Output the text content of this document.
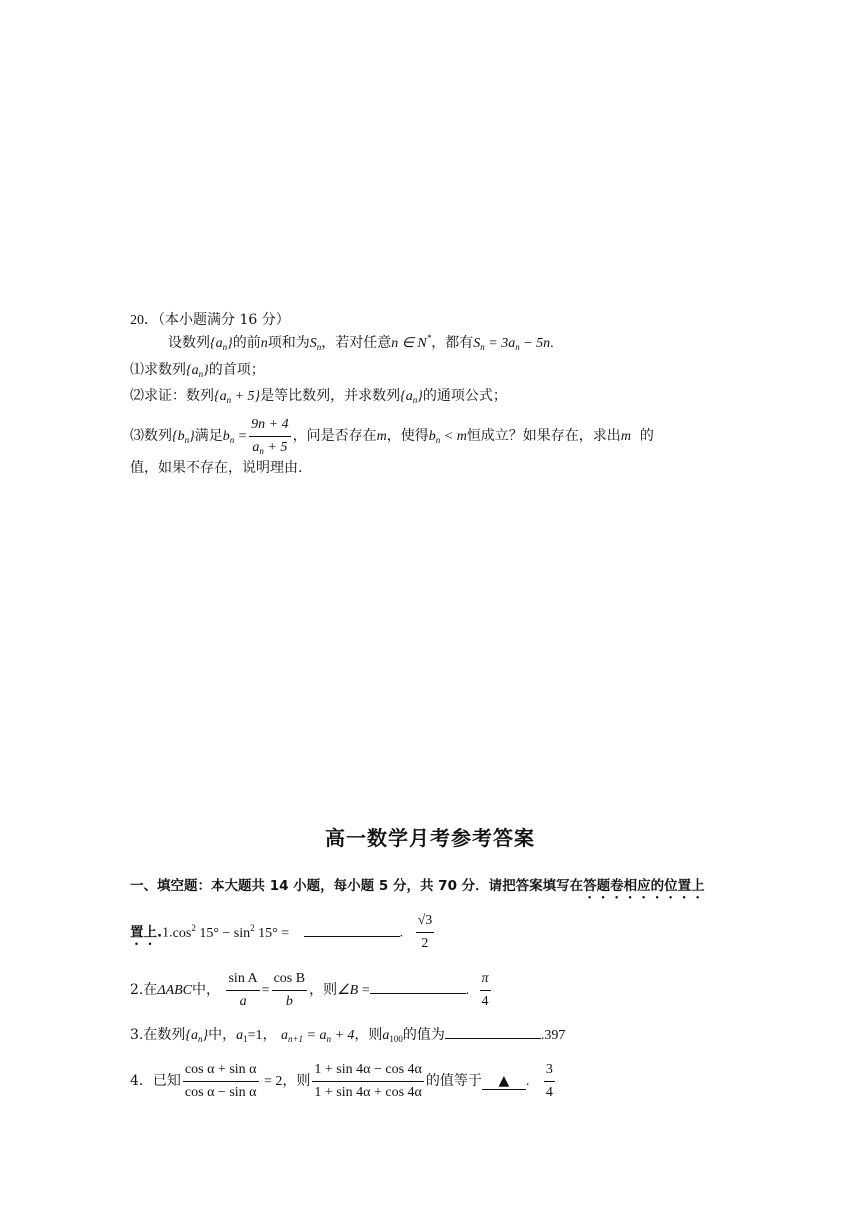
20．（本小题满分 16 分）
设数列$\{a_n\}$的前n项和为$S_n$，若对任意n ∈ N*，都有$S_n = 3a_n - 5n$.
⑴求数列$\{a_n\}$的首项；
⑵求证：数列$\{a_n + 5\}$是等比数列，并求数列$\{a_n\}$的通项公式；
⑶数列$\{b_n\}$满足$b_n = \frac{9n + 4}{a_n + 5}$ ，问是否存在m，使得$b_n < m$恒成立？如果存在，求出m 的
值，如果不存在，说明理由.
高一数学月考参考答案
一、填空题：本大题共 14 小题，每小题 5 分，共 70 分．请把答案填写在答题卷相应的位置上
置上$.1.\cos^2$ $15^\circ - \sin^2 15^\circ$ =	. $\frac{√3}{2}$
2.在ΔABC中， $\frac{\text{sin A}}{a} = \frac{\text{cos B}}{b}$ ，则∠B =	. $\frac{\pi}{4}$
3.在数列$\{a_n\}$中，$a_1=1$， $a_{n+1} = a_n + 4$，则$a_{100}$的值为	.397
4．已知 $\frac{\text{cos α + sin α}}{\text{cos α − sin α}} = 2$，则 $\frac{1 + \sin 4\alpha - \cos 4\alpha}{1 + \sin 4\alpha + \cos 4\alpha}$ 的值等于 ▲ . $\frac{3}{4}$
